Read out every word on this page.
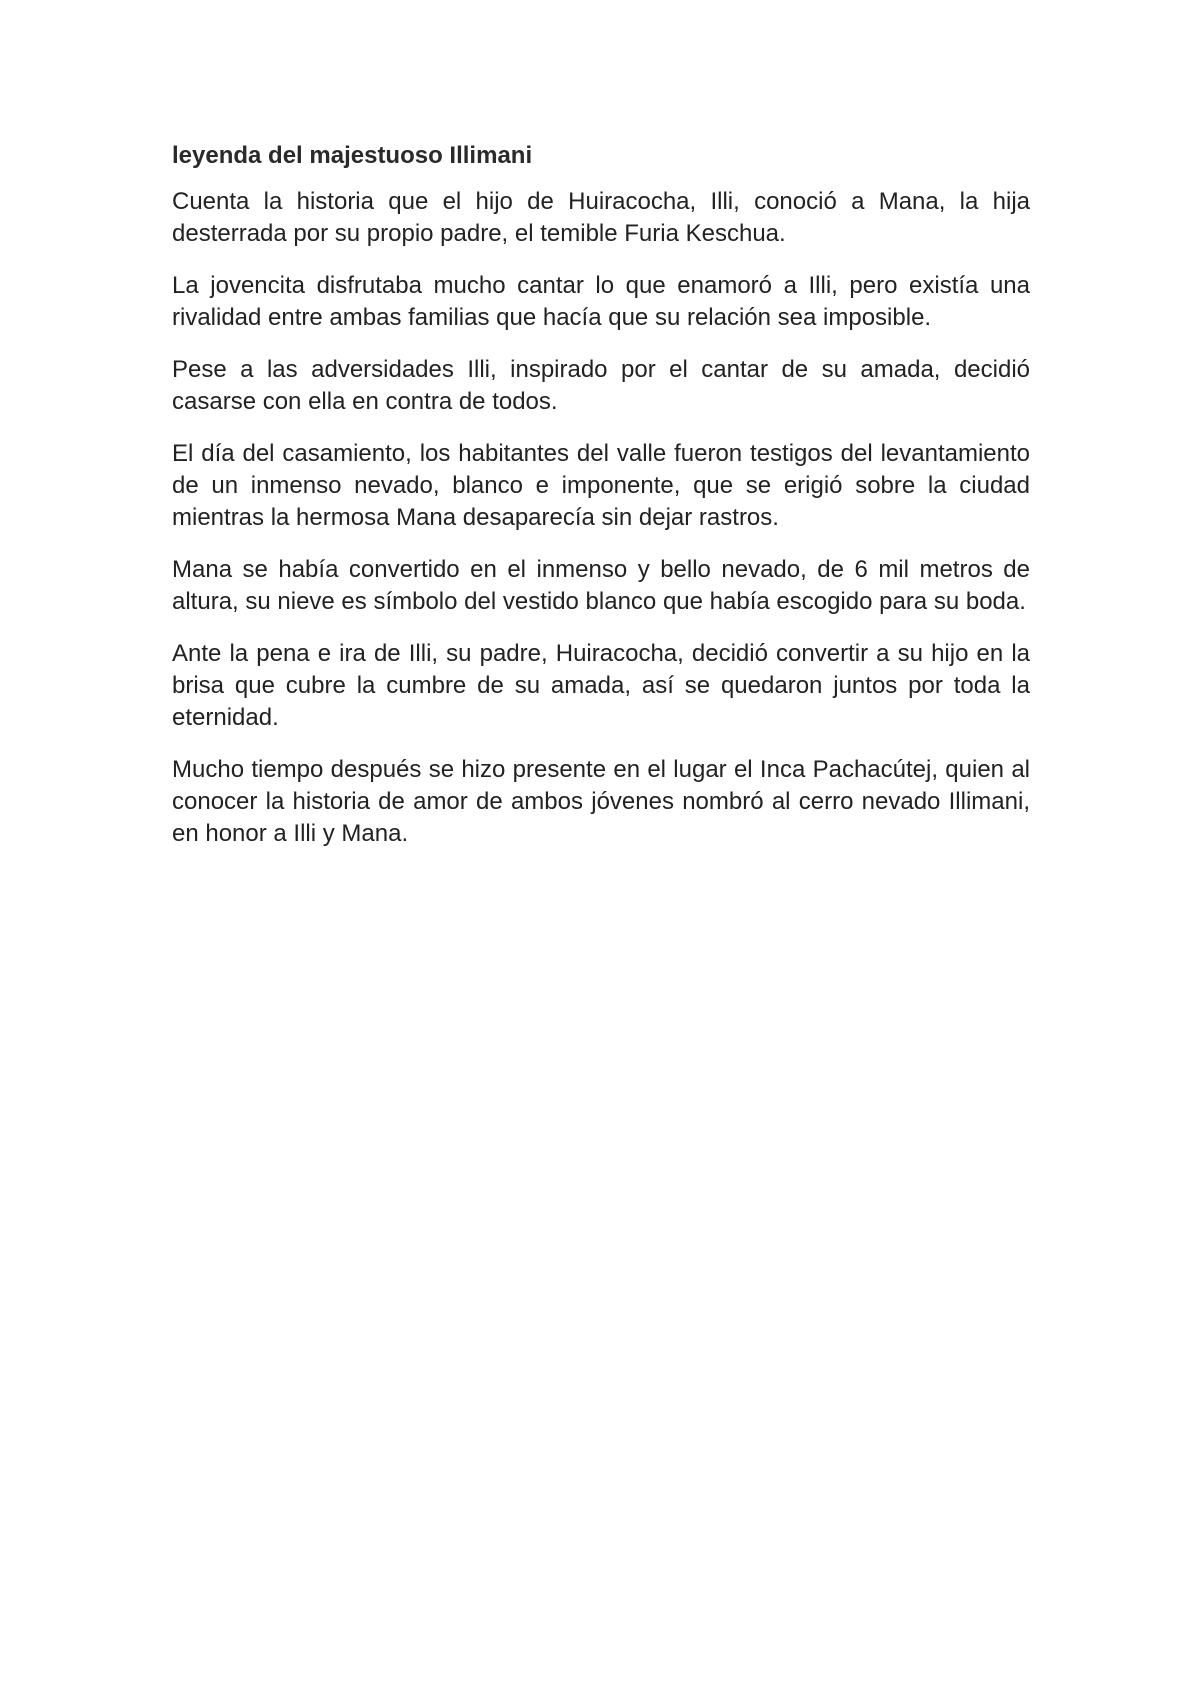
leyenda del majestuoso Illimani

Cuenta la historia que el hijo de Huiracocha, Illi, conoció a Mana, la hija desterrada por su propio padre, el temible Furia Keschua.

La jovencita disfrutaba mucho cantar lo que enamoró a Illi, pero existía una rivalidad entre ambas familias que hacía que su relación sea imposible.

Pese a las adversidades Illi, inspirado por el cantar de su amada, decidió casarse con ella en contra de todos.

El día del casamiento, los habitantes del valle fueron testigos del levantamiento de un inmenso nevado, blanco e imponente, que se erigió sobre la ciudad mientras la hermosa Mana desaparecía sin dejar rastros.

Mana se había convertido en el inmenso y bello nevado, de 6 mil metros de altura, su nieve es símbolo del vestido blanco que había escogido para su boda.

Ante la pena e ira de Illi, su padre, Huiracocha, decidió convertir a su hijo en la brisa que cubre la cumbre de su amada, así se quedaron juntos por toda la eternidad.

Mucho tiempo después se hizo presente en el lugar el Inca Pachacútej, quien al conocer la historia de amor de ambos jóvenes nombró al cerro nevado Illimani, en honor a Illi y Mana.
